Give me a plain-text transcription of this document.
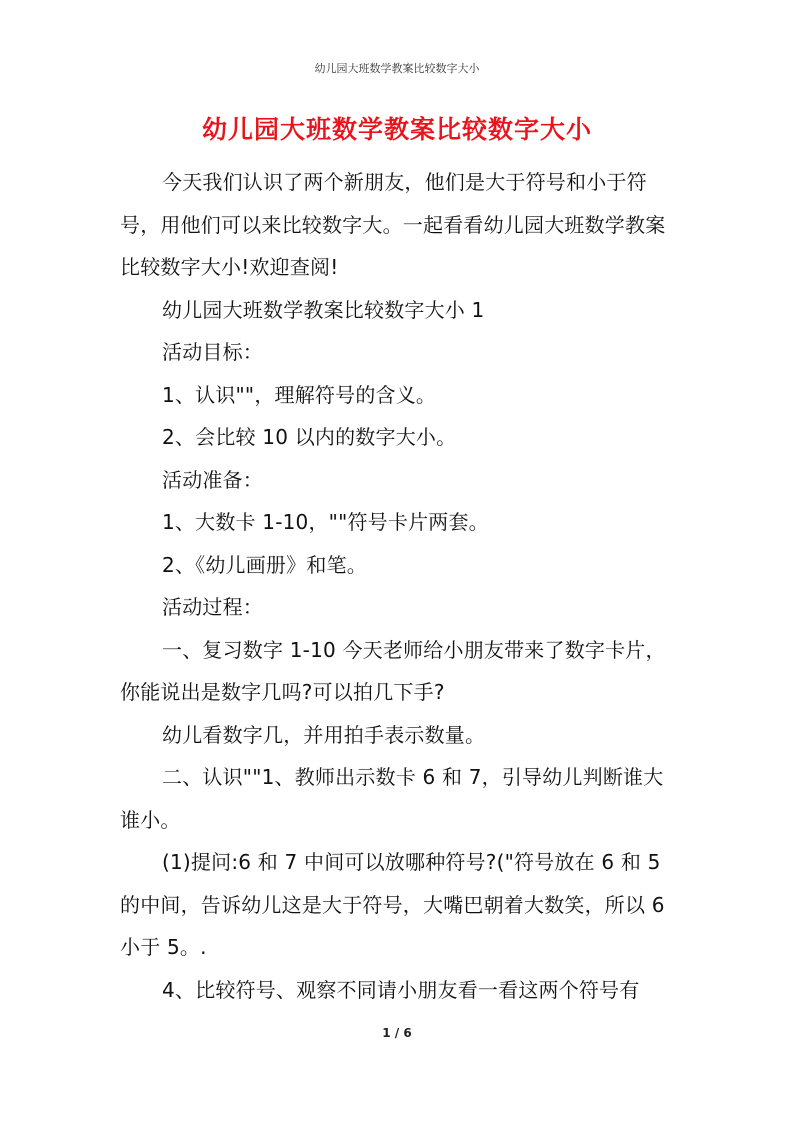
幼儿园大班数学教案比较数字大小
幼儿园大班数学教案比较数字大小

今天我们认识了两个新朋友，他们是大于符号和小于符号，用他们可以来比较数字大。一起看看幼儿园大班数学教案比较数字大小!欢迎查阅!

幼儿园大班数学教案比较数字大小 1

活动目标：

1、认识""，理解符号的含义。

2、会比较 10 以内的数字大小。

活动准备：

1、大数卡 1-10，""符号卡片两套。

2、《幼儿画册》和笔。

活动过程：

一、复习数字 1-10 今天老师给小朋友带来了数字卡片，你能说出是数字几吗?可以拍几下手?

幼儿看数字几，并用拍手表示数量。

二、认识""1、教师出示数卡 6 和 7，引导幼儿判断谁大谁小。

(1)提问:6 和 7 中间可以放哪种符号?("符号放在 6 和 5 的中间，告诉幼儿这是大于符号，大嘴巴朝着大数笑，所以 6 小于 5。.

4、比较符号、观察不同请小朋友看一看这两个符号有

1 / 6
